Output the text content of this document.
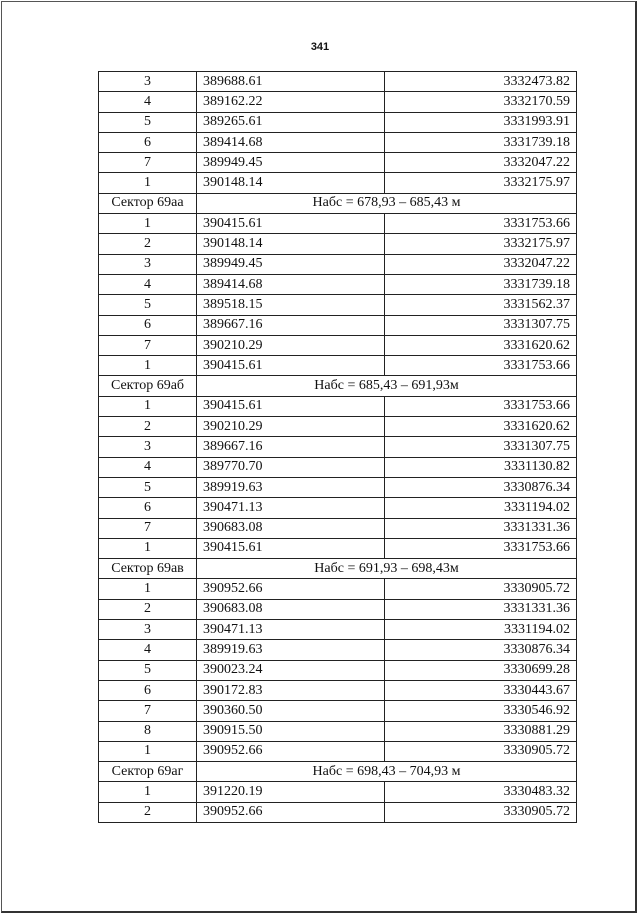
341
3	389688.61	3332473.82
4	389162.22	3332170.59
5	389265.61	3331993.91
6	389414.68	3331739.18
7	389949.45	3332047.22
1	390148.14	3332175.97
Сектор 69аа	Набс = 678,93 – 685,43 м	
1	390415.61	3331753.66
2	390148.14	3332175.97
3	389949.45	3332047.22
4	389414.68	3331739.18
5	389518.15	3331562.37
6	389667.16	3331307.75
7	390210.29	3331620.62
1	390415.61	3331753.66
Сектор 69аб	Набс = 685,43 – 691,93м	
1	390415.61	3331753.66
2	390210.29	3331620.62
3	389667.16	3331307.75
4	389770.70	3331130.82
5	389919.63	3330876.34
6	390471.13	3331194.02
7	390683.08	3331331.36
1	390415.61	3331753.66
Сектор 69ав	Набс = 691,93 – 698,43м	
1	390952.66	3330905.72
2	390683.08	3331331.36
3	390471.13	3331194.02
4	389919.63	3330876.34
5	390023.24	3330699.28
6	390172.83	3330443.67
7	390360.50	3330546.92
8	390915.50	3330881.29
1	390952.66	3330905.72
Сектор 69аг	Набс = 698,43 – 704,93 м	
1	391220.19	3330483.32
2	390952.66	3330905.72
